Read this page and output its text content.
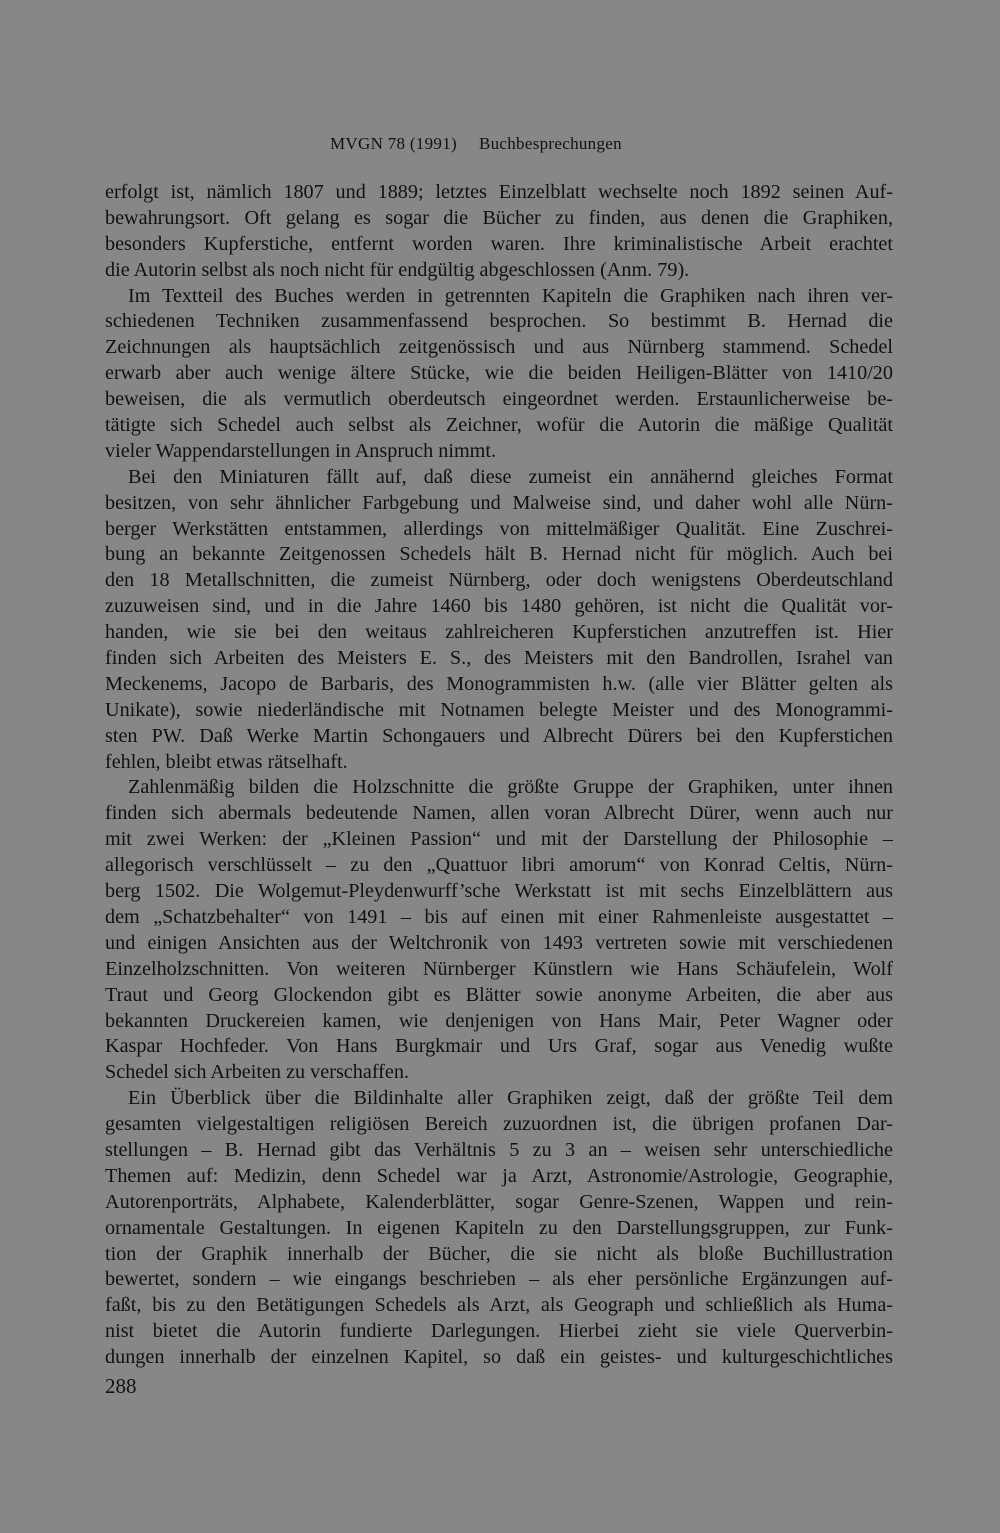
MVGN 78 (1991) Buchbesprechungen
erfolgt ist, nämlich 1807 und 1889; letztes Einzelblatt wechselte noch 1892 seinen Auf-
bewahrungsort. Oft gelang es sogar die Bücher zu finden, aus denen die Graphiken,
besonders Kupferstiche, entfernt worden waren. Ihre kriminalistische Arbeit erachtet
die Autorin selbst als noch nicht für endgültig abgeschlossen (Anm. 79).
Im Textteil des Buches werden in getrennten Kapiteln die Graphiken nach ihren ver-
schiedenen Techniken zusammenfassend besprochen. So bestimmt B. Hernad die
Zeichnungen als hauptsächlich zeitgenössisch und aus Nürnberg stammend. Schedel
erwarb aber auch wenige ältere Stücke, wie die beiden Heiligen-Blätter von 1410/20
beweisen, die als vermutlich oberdeutsch eingeordnet werden. Erstaunlicherweise be-
tätigte sich Schedel auch selbst als Zeichner, wofür die Autorin die mäßige Qualität
vieler Wappendarstellungen in Anspruch nimmt.
Bei den Miniaturen fällt auf, daß diese zumeist ein annähernd gleiches Format
besitzen, von sehr ähnlicher Farbgebung und Malweise sind, und daher wohl alle Nürn-
berger Werkstätten entstammen, allerdings von mittelmäßiger Qualität. Eine Zuschrei-
bung an bekannte Zeitgenossen Schedels hält B. Hernad nicht für möglich. Auch bei
den 18 Metallschnitten, die zumeist Nürnberg, oder doch wenigstens Oberdeutschland
zuzuweisen sind, und in die Jahre 1460 bis 1480 gehören, ist nicht die Qualität vor-
handen, wie sie bei den weitaus zahlreicheren Kupferstichen anzutreffen ist. Hier
finden sich Arbeiten des Meisters E. S., des Meisters mit den Bandrollen, Israhel van
Meckenems, Jacopo de Barbaris, des Monogrammisten h.w. (alle vier Blätter gelten als
Unikate), sowie niederländische mit Notnamen belegte Meister und des Monogrammi-
sten PW. Daß Werke Martin Schongauers und Albrecht Dürers bei den Kupferstichen
fehlen, bleibt etwas rätselhaft.
Zahlenmäßig bilden die Holzschnitte die größte Gruppe der Graphiken, unter ihnen
finden sich abermals bedeutende Namen, allen voran Albrecht Dürer, wenn auch nur
mit zwei Werken: der „Kleinen Passion“ und mit der Darstellung der Philosophie –
allegorisch verschlüsselt – zu den „Quattuor libri amorum“ von Konrad Celtis, Nürn-
berg 1502. Die Wolgemut-Pleydenwurff’sche Werkstatt ist mit sechs Einzelblättern aus
dem „Schatzbehalter“ von 1491 – bis auf einen mit einer Rahmenleiste ausgestattet –
und einigen Ansichten aus der Weltchronik von 1493 vertreten sowie mit verschiedenen
Einzelholzschnitten. Von weiteren Nürnberger Künstlern wie Hans Schäufelein, Wolf
Traut und Georg Glockendon gibt es Blätter sowie anonyme Arbeiten, die aber aus
bekannten Druckereien kamen, wie denjenigen von Hans Mair, Peter Wagner oder
Kaspar Hochfeder. Von Hans Burgkmair und Urs Graf, sogar aus Venedig wußte
Schedel sich Arbeiten zu verschaffen.
Ein Überblick über die Bildinhalte aller Graphiken zeigt, daß der größte Teil dem
gesamten vielgestaltigen religiösen Bereich zuzuordnen ist, die übrigen profanen Dar-
stellungen – B. Hernad gibt das Verhältnis 5 zu 3 an – weisen sehr unterschiedliche
Themen auf: Medizin, denn Schedel war ja Arzt, Astronomie/Astrologie, Geographie,
Autorenporträts, Alphabete, Kalenderblätter, sogar Genre-Szenen, Wappen und rein-
ornamentale Gestaltungen. In eigenen Kapiteln zu den Darstellungsgruppen, zur Funk-
tion der Graphik innerhalb der Bücher, die sie nicht als bloße Buchillustration
bewertet, sondern – wie eingangs beschrieben – als eher persönliche Ergänzungen auf-
faßt, bis zu den Betätigungen Schedels als Arzt, als Geograph und schließlich als Huma-
nist bietet die Autorin fundierte Darlegungen. Hierbei zieht sie viele Querverbin-
dungen innerhalb der einzelnen Kapitel, so daß ein geistes- und kulturgeschichtliches
288
